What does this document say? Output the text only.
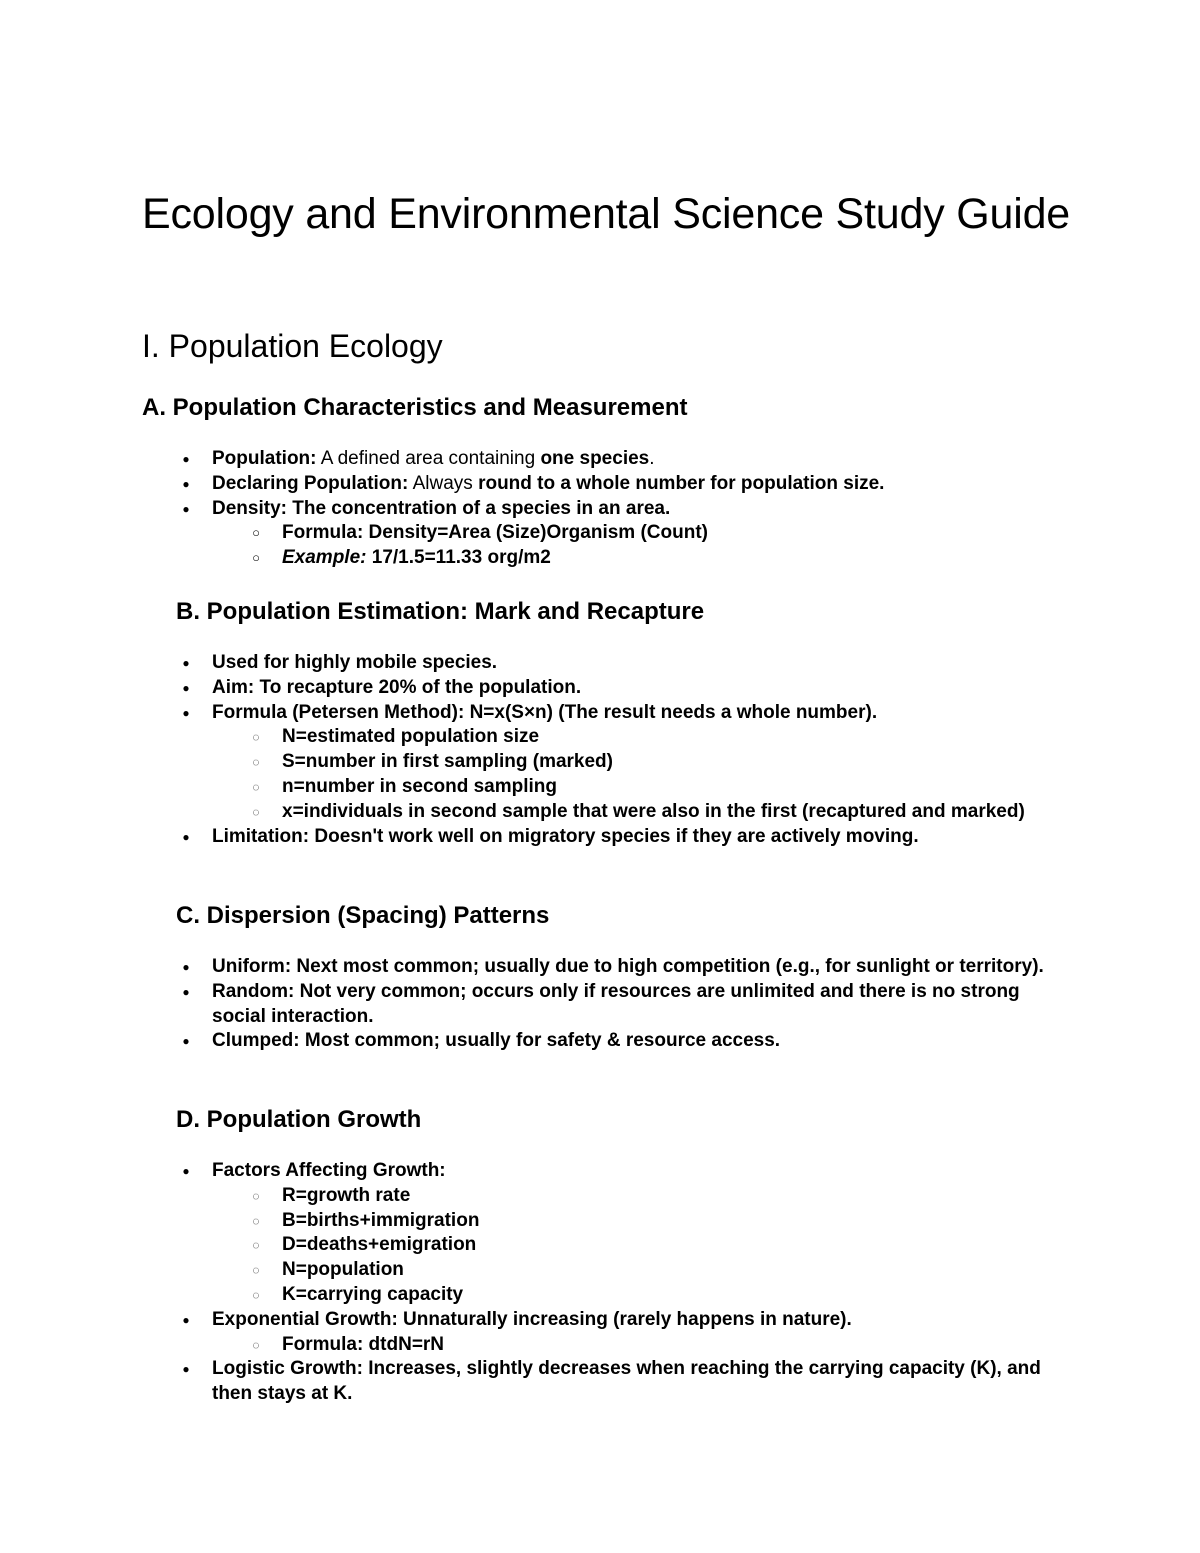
Ecology and Environmental Science Study Guide
I. Population Ecology
A. Population Characteristics and Measurement
● Population: A defined area containing one species.
● Declaring Population: Always round to a whole number for population size.
● Density: The concentration of a species in an area.
○ Formula: Density=Area (Size)Organism (Count)
○ Example: 17/1.5=11.33 org/m2
B. Population Estimation: Mark and Recapture
● Used for highly mobile species.
● Aim: To recapture 20% of the population.
● Formula (Petersen Method): N=x(S×n) (The result needs a whole number).
◌ N=estimated population size
◌ S=number in first sampling (marked)
◌ n=number in second sampling
◌ x=individuals in second sample that were also in the first (recaptured and marked)
● Limitation: Doesn't work well on migratory species if they are actively moving.
C. Dispersion (Spacing) Patterns
● Uniform: Next most common; usually due to high competition (e.g., for sunlight or territory).
● Random: Not very common; occurs only if resources are unlimited and there is no strong social interaction.
● Clumped: Most common; usually for safety & resource access.
D. Population Growth
● Factors Affecting Growth:
◌ R=growth rate
◌ B=births+immigration
◌ D=deaths+emigration
◌ N=population
◌ K=carrying capacity
● Exponential Growth: Unnaturally increasing (rarely happens in nature).
◌ Formula: dtdN=rN
● Logistic Growth: Increases, slightly decreases when reaching the carrying capacity (K), and then stays at K.
